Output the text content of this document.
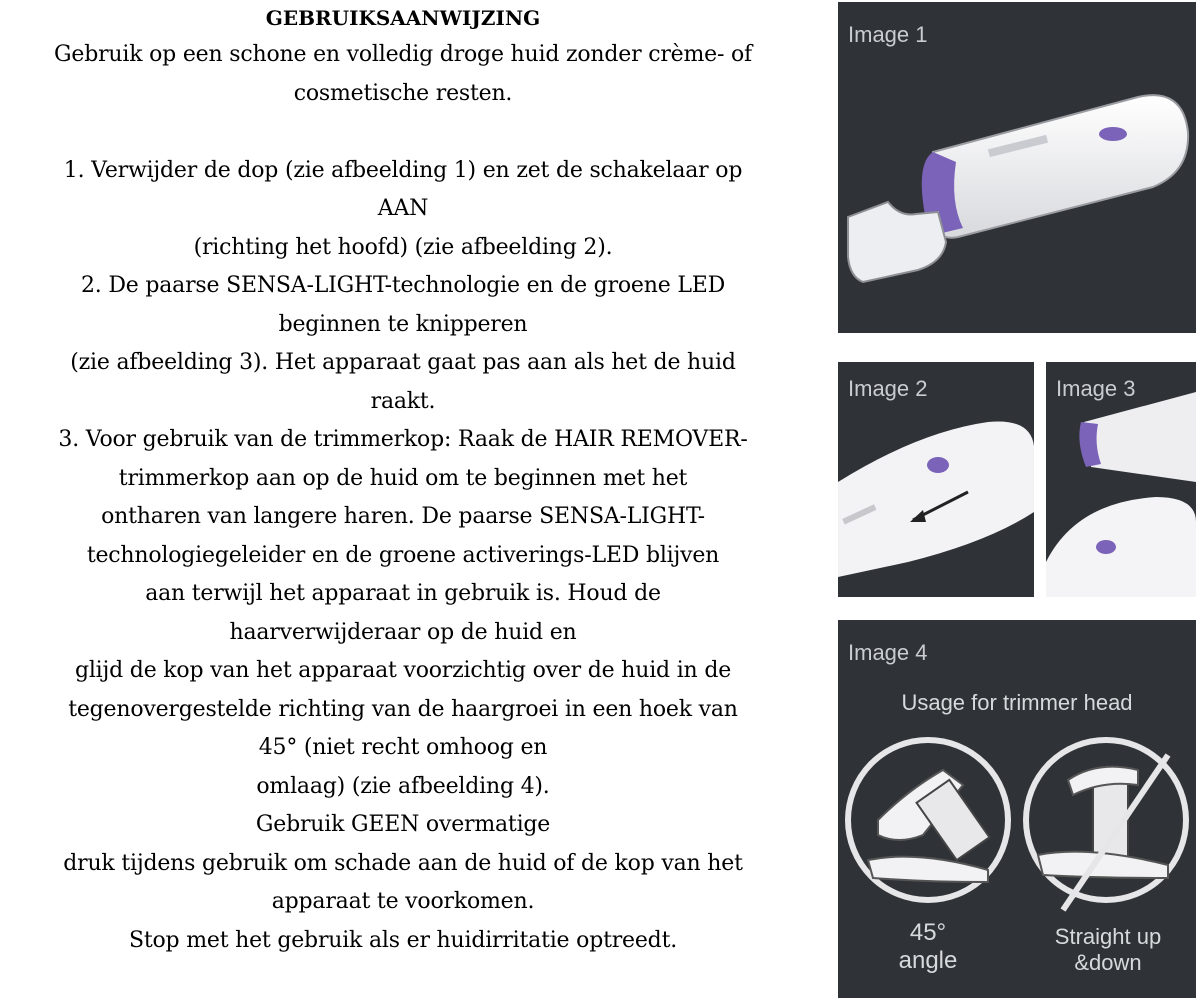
GEBRUIKSAANWIJZING
Gebruik op een schone en volledig droge huid zonder crème- of
cosmetische resten.
1. Verwijder de dop (zie afbeelding 1) en zet de schakelaar op
AAN
(richting het hoofd) (zie afbeelding 2).
2. De paarse SENSA-LIGHT-technologie en de groene LED
beginnen te knipperen
(zie afbeelding 3). Het apparaat gaat pas aan als het de huid
raakt.
3. Voor gebruik van de trimmerkop: Raak de HAIR REMOVER-
trimmerkop aan op de huid om te beginnen met het
ontharen van langere haren. De paarse SENSA-LIGHT-
technologiegeleider en de groene activerings-LED blijven
aan terwijl het apparaat in gebruik is. Houd de
haarverwijderaar op de huid en
glijd de kop van het apparaat voorzichtig over de huid in de
tegenovergestelde richting van de haargroei in een hoek van
45° (niet recht omhoog en
omlaag) (zie afbeelding 4).
Gebruik GEEN overmatige
druk tijdens gebruik om schade aan de huid of de kop van het
apparaat te voorkomen.
Stop met het gebruik als er huidirritatie optreedt.
Image 1
Image 2	Image 3
Image 4
Usage for trimmer head
45°
angle
Straight up
&down
